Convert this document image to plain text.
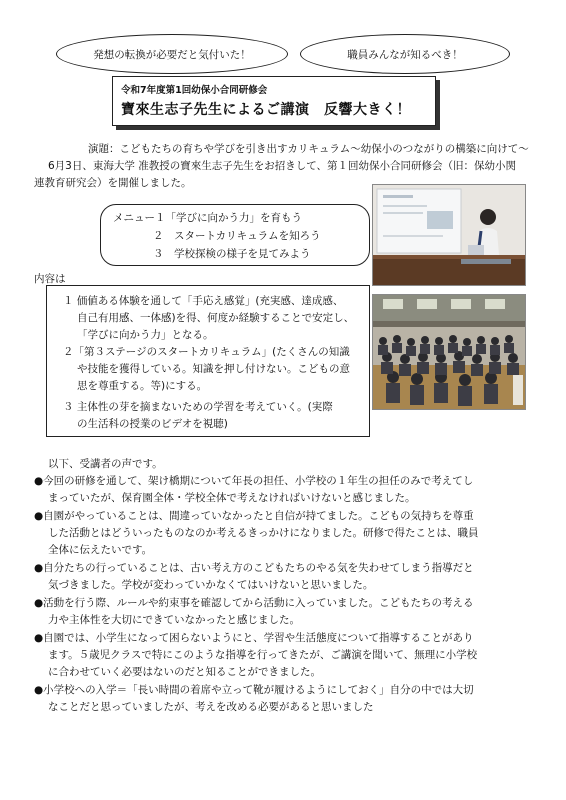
発想の転換が必要だと気付いた！	職員みんなが知るべき！
令和7年度第1回幼保小合同研修会
寶來生志子先生によるご講演　反響大きく！
演題：こどもたちの育ちや学びを引き出すカリキュラム〜幼保小のつながりの構築に向けて〜
6月3日、東海大学 准教授の寶來生志子先生をお招きして、第１回幼保小合同研修会（旧：保幼小関
連教育研究会）を開催しました。
メニュー１「学びに向かう力」を育もう
２　スタートカリキュラムを知ろう
３　学校探検の様子を見てみよう
内容は
１ 価値ある体験を通して「手応え感覚」(充実感、達成感、
自己有用感、一体感)を得、何度か経験することで安定し、
「学びに向かう力」となる。
２「第３ステージのスタートカリキュラム」(たくさんの知識
や技能を獲得している。知識を押し付けない。こどもの意
思を尊重する。等)にする。
３ 主体性の芽を摘まないための学習を考えていく。(実際
の生活科の授業のビデオを視聴)
以下、受講者の声です。
●今回の研修を通して、架け橋期について年長の担任、小学校の１年生の担任のみで考えてし
まっていたが、保育園全体・学校全体で考えなければいけないと感じました。
●自園がやっていることは、間違っていなかったと自信が持てました。こどもの気持ちを尊重
した活動とはどういったものなのか考えるきっかけになりました。研修で得たことは、職員
全体に伝えたいです。
●自分たちの行っていることは、古い考え方のこどもたちのやる気を失わせてしまう指導だと
気づきました。学校が変わっていかなくてはいけないと思いました。
●活動を行う際、ルールや約束事を確認してから活動に入っていました。こどもたちの考える
力や主体性を大切にできていなかったと感じました。
●自園では、小学生になって困らないようにと、学習や生活態度について指導することがあり
ます。５歳児クラスで特にこのような指導を行ってきたが、ご講演を聞いて、無理に小学校
に合わせていく必要はないのだと知ることができました。
●小学校への入学＝「長い時間の着席や立って靴が履けるようにしておく」自分の中では大切
なことだと思っていましたが、考えを改める必要があると思いました
